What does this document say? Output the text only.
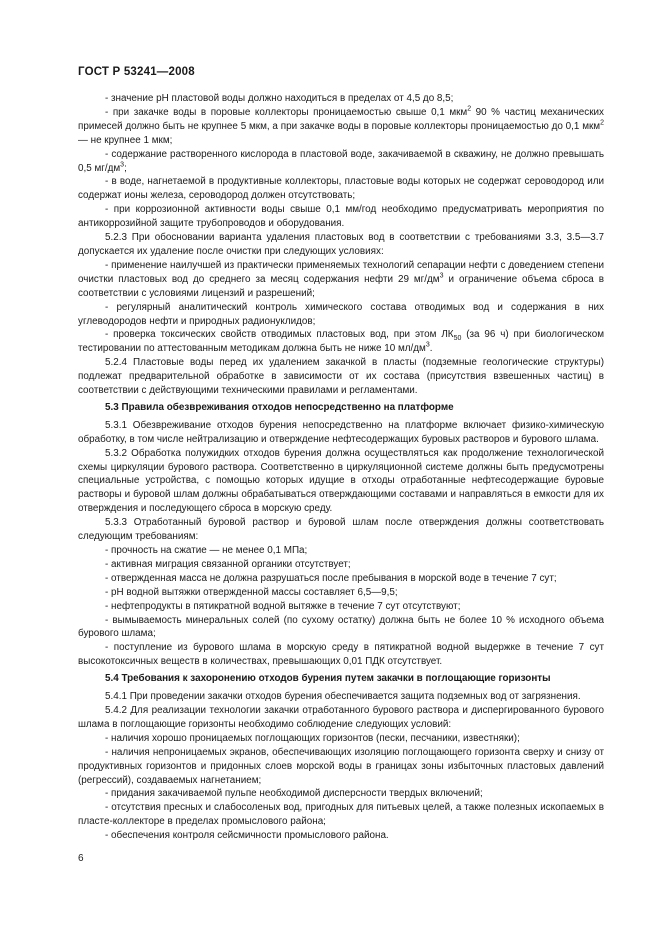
ГОСТ Р 53241—2008

- значение рН пластовой воды должно находиться в пределах от 4,5 до 8,5;

- при закачке воды в поровые коллекторы проницаемостью свыше 0,1 мкм$^2$ 90 % частиц механических примесей должно быть не крупнее 5 мкм, а при закачке воды в поровые коллекторы проницаемостью до 0,1 мкм$^2$ — не крупнее 1 мкм;

- содержание растворенного кислорода в пластовой воде, закачиваемой в скважину, не должно превышать 0,5 $мг/дм^3$;

- в воде, нагнетаемой в продуктивные коллекторы, пластовые воды которых не содержат сероводород или содержат ионы железа, сероводород должен отсутствовать;

- при коррозионной активности воды свыше 0,1 мм/год необходимо предусматривать мероприятия по антикоррозийной защите трубопроводов и оборудования.

5.2.3 При обосновании варианта удаления пластовых вод в соответствии с требованиями 3.3, 3.5—3.7 допускается их удаление после очистки при следующих условиях:

- применение наилучшей из практически применяемых технологий сепарации нефти с доведением степени очистки пластовых вод до среднего за месяц содержания нефти 29 $мг/дм^3$ и ограничение объема сброса в соответствии с условиями лицензий и разрешений;

- регулярный аналитический контроль химического состава отводимых вод и содержания в них углеводородов нефти и природных радионуклидов;

- проверка токсических свойств отводимых пластовых вод, при этом $ЛК_{50}$ (за 96 ч) при биологическом тестировании по аттестованным методикам должна быть не ниже 10 $мл/дм^3$.

5.2.4 Пластовые воды перед их удалением закачкой в пласты (подземные геологические структуры) подлежат предварительной обработке в зависимости от их состава (присутствия взвешенных частиц) в соответствии с действующими техническими правилами и регламентами.

5.3 Правила обезвреживания отходов непосредственно на платформе

5.3.1 Обезвреживание отходов бурения непосредственно на платформе включает физико-химическую обработку, в том числе нейтрализацию и отверждение нефтесодержащих буровых растворов и бурового шлама.

5.3.2 Обработка полужидких отходов бурения должна осуществляться как продолжение технологической схемы циркуляции бурового раствора. Соответственно в циркуляционной системе должны быть предусмотрены специальные устройства, с помощью которых идущие в отходы отработанные нефтесодержащие буровые растворы и буровой шлам должны обрабатываться отверждающими составами и направляться в емкости для их отверждения и последующего сброса в морскую среду.

5.3.3 Отработанный буровой раствор и буровой шлам после отверждения должны соответствовать следующим требованиям:

- прочность на сжатие — не менее 0,1 МПа;

- активная миграция связанной органики отсутствует;

- отвержденная масса не должна разрушаться после пребывания в морской воде в течение 7 сут;

- рН водной вытяжки отвержденной массы составляет 6,5—9,5;

- нефтепродукты в пятикратной водной вытяжке в течение 7 сут отсутствуют;

- вымываемость минеральных солей (по сухому остатку) должна быть не более 10 % исходного объема бурового шлама;

- поступление из бурового шлама в морскую среду в пятикратной водной выдержке в течение 7 сут высокотоксичных веществ в количествах, превышающих 0,01 ПДК отсутствует.

5.4 Требования к захоронению отходов бурения путем закачки в поглощающие горизонты

5.4.1 При проведении закачки отходов бурения обеспечивается защита подземных вод от загрязнения.

5.4.2 Для реализации технологии закачки отработанного бурового раствора и диспергированного бурового шлама в поглощающие горизонты необходимо соблюдение следующих условий:

- наличия хорошо проницаемых поглощающих горизонтов (пески, песчаники, известняки);

- наличия непроницаемых экранов, обеспечивающих изоляцию поглощающего горизонта сверху и снизу от продуктивных горизонтов и придонных слоев морской воды в границах зоны избыточных пластовых давлений (регрессий), создаваемых нагнетанием;

- придания закачиваемой пульпе необходимой дисперсности твердых включений;

- отсутствия пресных и слабосоленых вод, пригодных для питьевых целей, а также полезных ископаемых в пласте-коллекторе в пределах промыслового района;

- обеспечения контроля сейсмичности промыслового района.

6
